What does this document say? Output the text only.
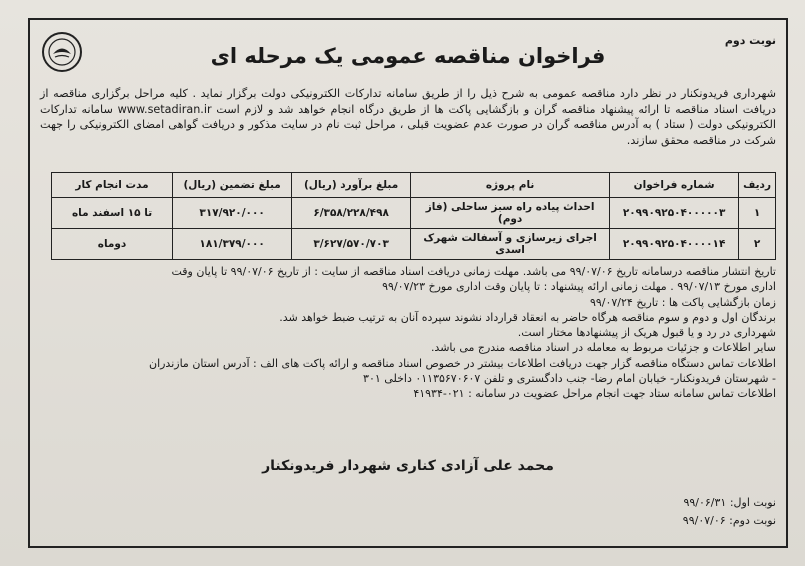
نوبت دوم
فراخوان مناقصه عمومی یک مرحله ای

شهرداری فریدونکنار در نظر دارد مناقصه عمومی به شرح ذیل را از طریق سامانه تدارکات الکترونیکی دولت برگزار نماید . کلیه مراحل برگزاری مناقصه از دریافت اسناد مناقصه تا ارائه پیشنهاد مناقصه گران و بازگشایی پاکت ها از طریق درگاه انجام خواهد شد و لازم است www.setadiran.ir سامانه تدارکات الکترونیکی دولت ( ستاد ) به آدرس مناقصه گران در صورت عدم عضویت قبلی ، مراحل ثبت نام در سایت مذکور و دریافت گواهی امضای الکترونیکی را جهت شرکت در مناقصه محقق سازند.

ردیف	شماره فراخوان	نام پروژه	مبلغ برآورد (ریال)	مبلغ تضمین (ریال)	مدت انجام کار
۱	۲۰۹۹۰۹۲۵۰۴۰۰۰۰۰۳	احداث پیاده راه سبز ساحلی (فاز دوم)	۶/۳۵۸/۲۲۸/۴۹۸	۳۱۷/۹۲۰/۰۰۰	تا ۱۵ اسفند ماه
۲	۲۰۹۹۰۹۲۵۰۴۰۰۰۰۱۴	اجرای زیرسازی و آسفالت شهرک اسدی	۳/۶۲۷/۵۷۰/۷۰۳	۱۸۱/۳۷۹/۰۰۰	دوماه

تاریخ انتشار مناقصه درسامانه تاریخ ۹۹/۰۷/۰۶ می باشد. مهلت زمانی دریافت اسناد مناقصه از سایت : از تاریخ ۹۹/۰۷/۰۶ تا پایان وقت

اداری مورخ ۹۹/۰۷/۱۳ . مهلت زمانی ارائه پیشنهاد : تا پایان وقت اداری مورخ ۹۹/۰۷/۲۳

زمان بازگشایی پاکت ها : تاریخ ۹۹/۰۷/۲۴

برندگان اول و دوم و سوم مناقصه هرگاه حاضر به انعقاد قرارداد نشوند سپرده آنان به ترتیب ضبط خواهد شد.

شهرداری در رد و یا قبول هریک از پیشنهادها مختار است.

سایر اطلاعات و جزئیات مربوط به معامله در اسناد مناقصه مندرج می باشد.

اطلاعات تماس دستگاه مناقصه گزار جهت دریافت اطلاعات بیشتر در خصوص اسناد مناقصه و ارائه پاکت های الف : آدرس استان مازندران

- شهرستان فریدونکنار- خیابان امام رضا- جنب دادگستری و تلفن ۰۱۱۳۵۶۷۰۶۰۷ داخلی ۳۰۱

اطلاعات تماس سامانه ستاد جهت انجام مراحل عضویت در سامانه : ۰۲۱-۴۱۹۳۴

محمد علی آزادی کناری شهردار فریدونکنار

نوبت اول: ۹۹/۰۶/۳۱

نوبت دوم: ۹۹/۰۷/۰۶
